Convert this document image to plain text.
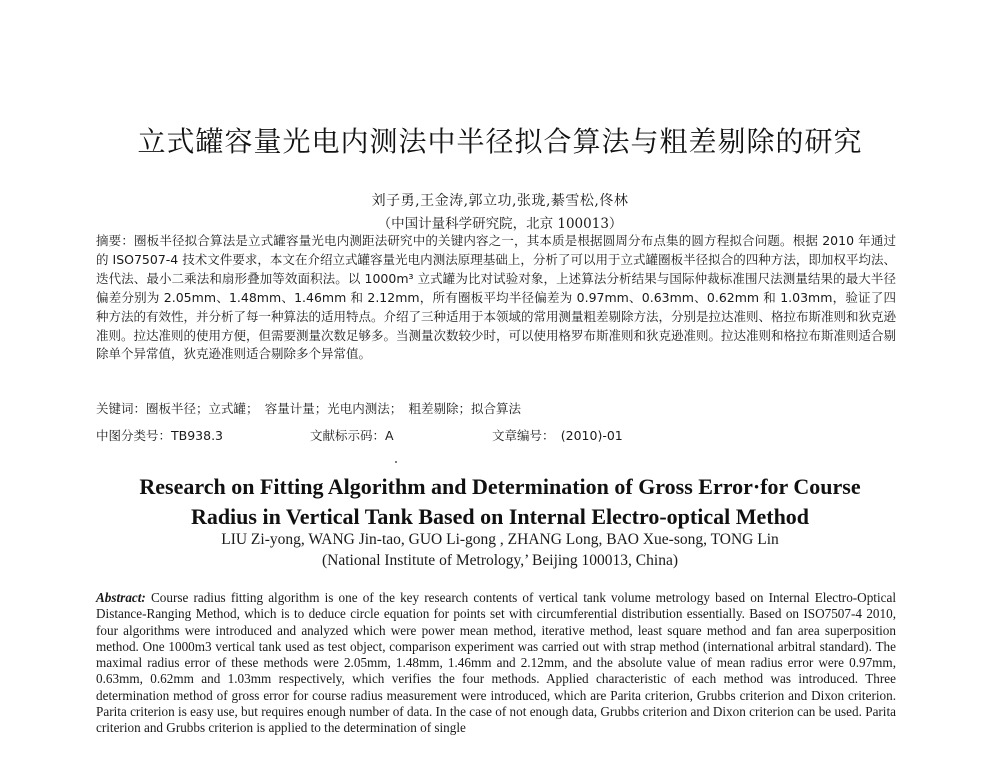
立式罐容量光电内测法中半径拟合算法与粗差剔除的研究
刘子勇,王金涛,郭立功,张珑,綦雪松,佟林
（中国计量科学研究院，北京 100013）
摘要：圈板半径拟合算法是立式罐容量光电内测距法研究中的关键内容之一，其本质是根据圆周分布点集的圆方程拟合问题。根据 2010 年通过的 ISO7507-4 技术文件要求，本文在介绍立式罐容量光电内测法原理基础上，分析了可以用于立式罐圈板半径拟合的四种方法，即加权平均法、迭代法、最小二乘法和扇形叠加等效面积法。以 1000m³ 立式罐为比对试验对象，上述算法分析结果与国际仲裁标准围尺法测量结果的最大半径偏差分别为 2.05mm、1.48mm、1.46mm 和 2.12mm，所有圈板平均半径偏差为 0.97mm、0.63mm、0.62mm 和 1.03mm，验证了四种方法的有效性，并分析了每一种算法的适用特点。介绍了三种适用于本领域的常用测量粗差剔除方法，分别是拉达准则、格拉布斯准则和狄克逊准则。拉达准则的使用方便，但需要测量次数足够多。当测量次数较少时，可以使用格罗布斯准则和狄克逊准则。拉达准则和格拉布斯准则适合剔除单个异常值，狄克逊准则适合剔除多个异常值。
关键词：圈板半径；立式罐；　容量计量；光电内测法；　粗差剔除；拟合算法
中图分类号：TB938.3	文献标示码：A	文章编号：　(2010)-01
Research on Fitting Algorithm and Determination of Gross Error·for Course
Radius in Vertical Tank Based on Internal Electro-optical Method
LIU Zi-yong, WANG Jin-tao, GUO Li-gong , ZHANG Long, BAO Xue-song, TONG Lin
(National Institute of Metrology,’ Beijing 100013, China)
Abstract: Course radius fitting algorithm is one of the key research contents of vertical tank volume metrology based on Internal Electro-Optical Distance-Ranging Method, which is to deduce circle equation for points set with circumferential distribution essentially. Based on ISO7507-4 2010, four algorithms were introduced and analyzed which were power mean method, iterative method, least square method and fan area superposition method. One 1000m3 vertical tank used as test object, comparison experiment was carried out with strap method (international arbitral standard). The maximal radius error of these methods were 2.05mm, 1.48mm, 1.46mm and 2.12mm, and the absolute value of mean radius error were 0.97mm, 0.63mm, 0.62mm and 1.03mm respectively, which verifies the four methods. Applied characteristic of each method was introduced. Three determination method of gross error for course radius measurement were introduced, which are Parita criterion, Grubbs criterion and Dixon criterion. Parita criterion is easy use, but requires enough number of data. In the case of not enough data, Grubbs criterion and Dixon criterion can be used. Parita criterion and Grubbs criterion is applied to the determination of single
